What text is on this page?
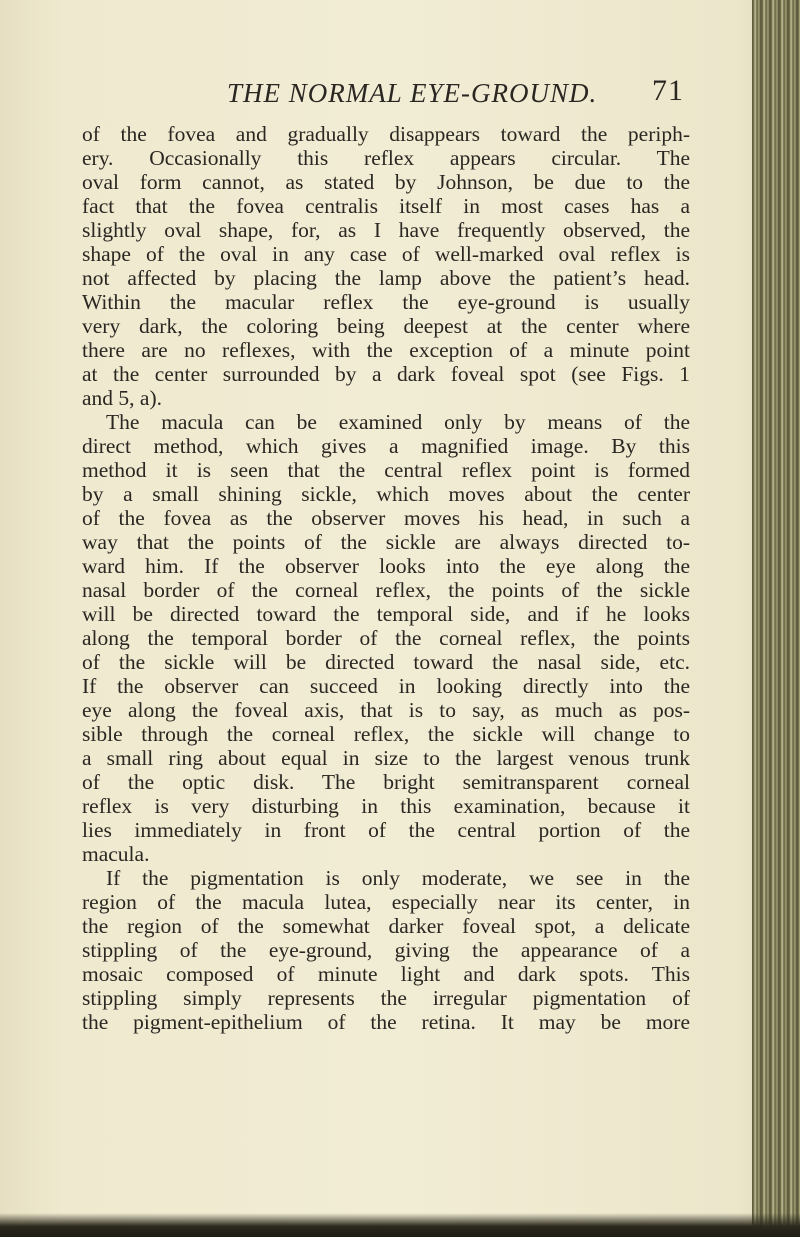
THE NORMAL EYE-GROUND. 71
of the fovea and gradually disappears toward the periph-
ery. Occasionally this reflex appears circular. The
oval form cannot, as stated by Johnson, be due to the
fact that the fovea centralis itself in most cases has a
slightly oval shape, for, as I have frequently observed, the
shape of the oval in any case of well-marked oval reflex is
not affected by placing the lamp above the patient’s head.
Within the macular reflex the eye-ground is usually
very dark, the coloring being deepest at the center where
there are no reflexes, with the exception of a minute point
at the center surrounded by a dark foveal spot (see Figs. 1
and 5, a).
The macula can be examined only by means of the
direct method, which gives a magnified image. By this
method it is seen that the central reflex point is formed
by a small shining sickle, which moves about the center
of the fovea as the observer moves his head, in such a
way that the points of the sickle are always directed to-
ward him. If the observer looks into the eye along the
nasal border of the corneal reflex, the points of the sickle
will be directed toward the temporal side, and if he looks
along the temporal border of the corneal reflex, the points
of the sickle will be directed toward the nasal side, etc.
If the observer can succeed in looking directly into the
eye along the foveal axis, that is to say, as much as pos-
sible through the corneal reflex, the sickle will change to
a small ring about equal in size to the largest venous trunk
of the optic disk. The bright semitransparent corneal
reflex is very disturbing in this examination, because it
lies immediately in front of the central portion of the
macula.
If the pigmentation is only moderate, we see in the
region of the macula lutea, especially near its center, in
the region of the somewhat darker foveal spot, a delicate
stippling of the eye-ground, giving the appearance of a
mosaic composed of minute light and dark spots. This
stippling simply represents the irregular pigmentation of
the pigment-epithelium of the retina. It may be more
